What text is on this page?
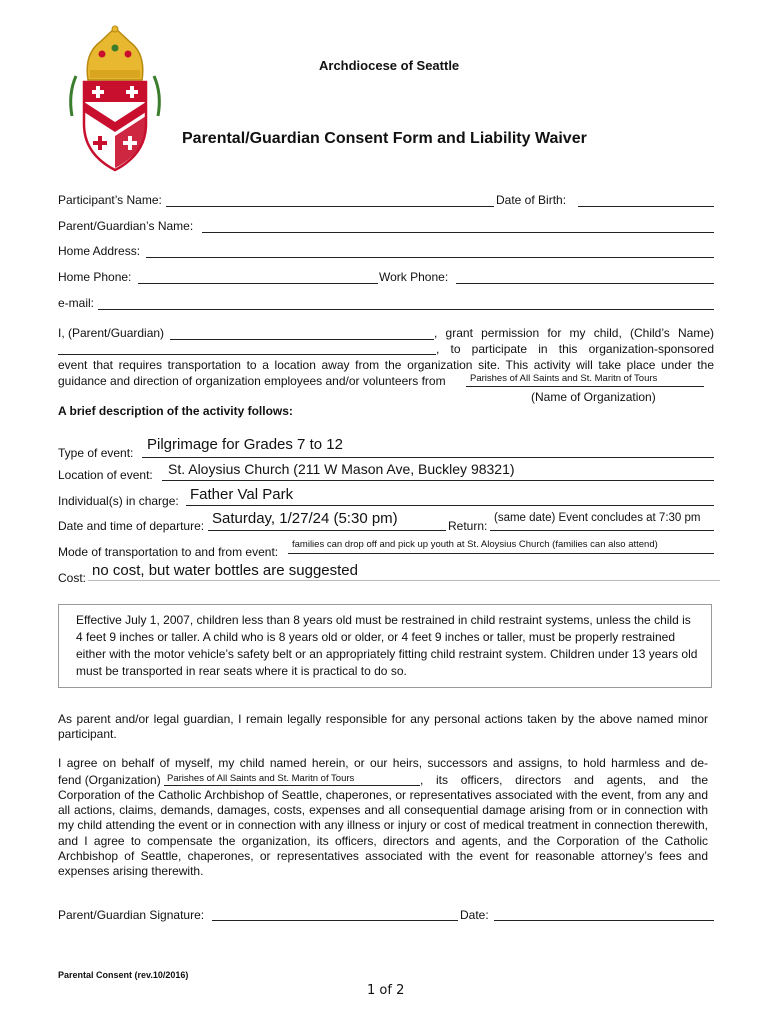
Archdiocese of Seattle
Parental/Guardian Consent Form and Liability Waiver
Participant’s Name:	Date of Birth:
Parent/Guardian’s Name:
Home Address:
Home Phone:	Work Phone:
e-mail:
I, (Parent/Guardian)	, grant permission for my child, (Child’s Name)
, to participate in this organization-sponsored
event that requires transportation to a location away from the organization site. This activity will take place under the
guidance and direction of organization employees and/or volunteers from	Parishes of All Saints and St. Maritn of Tours
(Name of Organization)
A brief description of the activity follows:
Type of event: Pilgrimage for Grades 7 to 12
Location of event: St. Aloysius Church (211 W Mason Ave, Buckley 98321)
Individual(s) in charge: Father Val Park
Date and time of departure: Saturday, 1/27/24 (5:30 pm)	Return:
(same date) Event concludes at 7:30 pm
Mode of transportation to and from event:
families can drop off and pick up youth at St. Aloysius Church (families can also attend)
Cost: no cost, but water bottles are suggested

Effective July 1, 2007, children less than 8 years old must be restrained in child restraint systems, unless the child is 4 feet 9 inches or taller. A child who is 8 years old or older, or 4 feet 9 inches or taller, must be properly restrained either with the motor vehicle’s safety belt or an appropriately fitting child restraint system. Children under 13 years old must be transported in rear seats where it is practical to do so.

As parent and/or legal guardian, I remain legally responsible for any personal actions taken by the above named minor participant.
I agree on behalf of myself, my child named herein, or our heirs, successors and assigns, to hold harmless and de-
fend (Organization) Parishes of All Saints and St. Maritn of Tours	, its officers, directors and agents, and the
Corporation of the Catholic Archbishop of Seattle, chaperones, or representatives associated with the event, from any and all actions, claims, demands, damages, costs, expenses and all consequential damage arising from or in connection with my child attending the event or in connection with any illness or injury or cost of medical treatment in connection therewith, and I agree to compensate the organization, its officers, directors and agents, and the Corporation of the Catholic Archbishop of Seattle, chaperones, or representatives associated with the event for reasonable attorney’s fees and expenses arising therewith.
Parent/Guardian Signature:	Date:
Parental Consent (rev.10/2016)
1 of 2
